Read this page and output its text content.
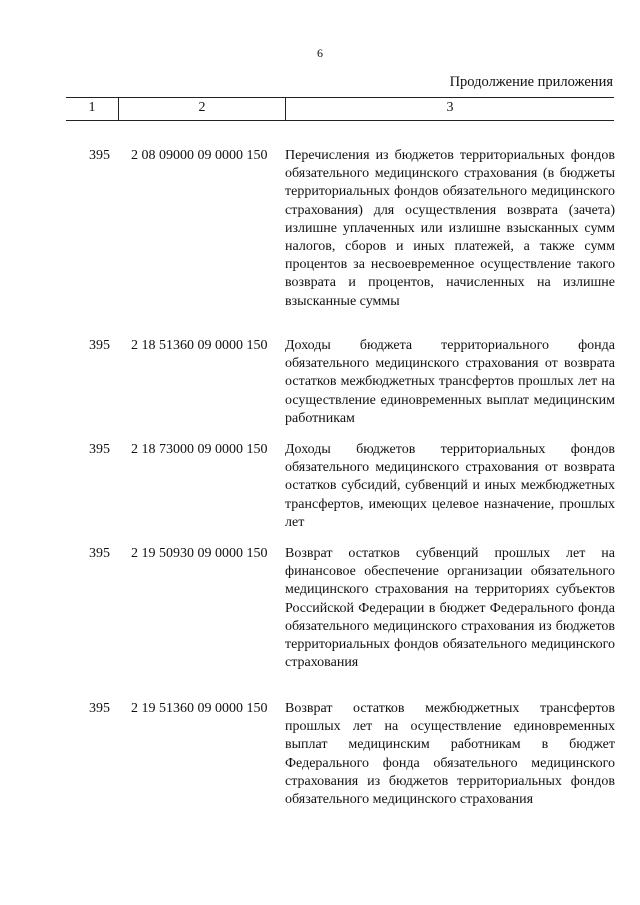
6
Продолжение приложения
1	2	3
395 2 08 09000 09 0000 150 Перечисления из бюджетов территориальных фондов обязательного медицинского страхования (в бюджеты территориальных фондов обязательного медицинского страхования) для осуществления возврата (зачета) излишне уплаченных или излишне взысканных сумм налогов, сборов и иных платежей, а также сумм процентов за несвоевременное осуществление такого возврата и процентов, начисленных на излишне взысканные суммы
395 2 18 51360 09 0000 150 Доходы бюджета территориального фонда обязательного медицинского страхования от возврата остатков межбюджетных трансфертов прошлых лет на осуществление единовременных выплат медицинским работникам
395 2 18 73000 09 0000 150 Доходы бюджетов территориальных фондов обязательного медицинского страхования от возврата остатков субсидий, субвенций и иных межбюджетных трансфертов, имеющих целевое назначение, прошлых лет
395 2 19 50930 09 0000 150 Возврат остатков субвенций прошлых лет на финансовое обеспечение организации обязательного медицинского страхования на территориях субъектов Российской Федерации в бюджет Федерального фонда обязательного медицинского страхования из бюджетов территориальных фондов обязательного медицинского страхования
395 2 19 51360 09 0000 150 Возврат остатков межбюджетных трансфертов прошлых лет на осуществление единовременных выплат медицинским работникам в бюджет Федерального фонда обязательного медицинского страхования из бюджетов территориальных фондов обязательного медицинского страхования
